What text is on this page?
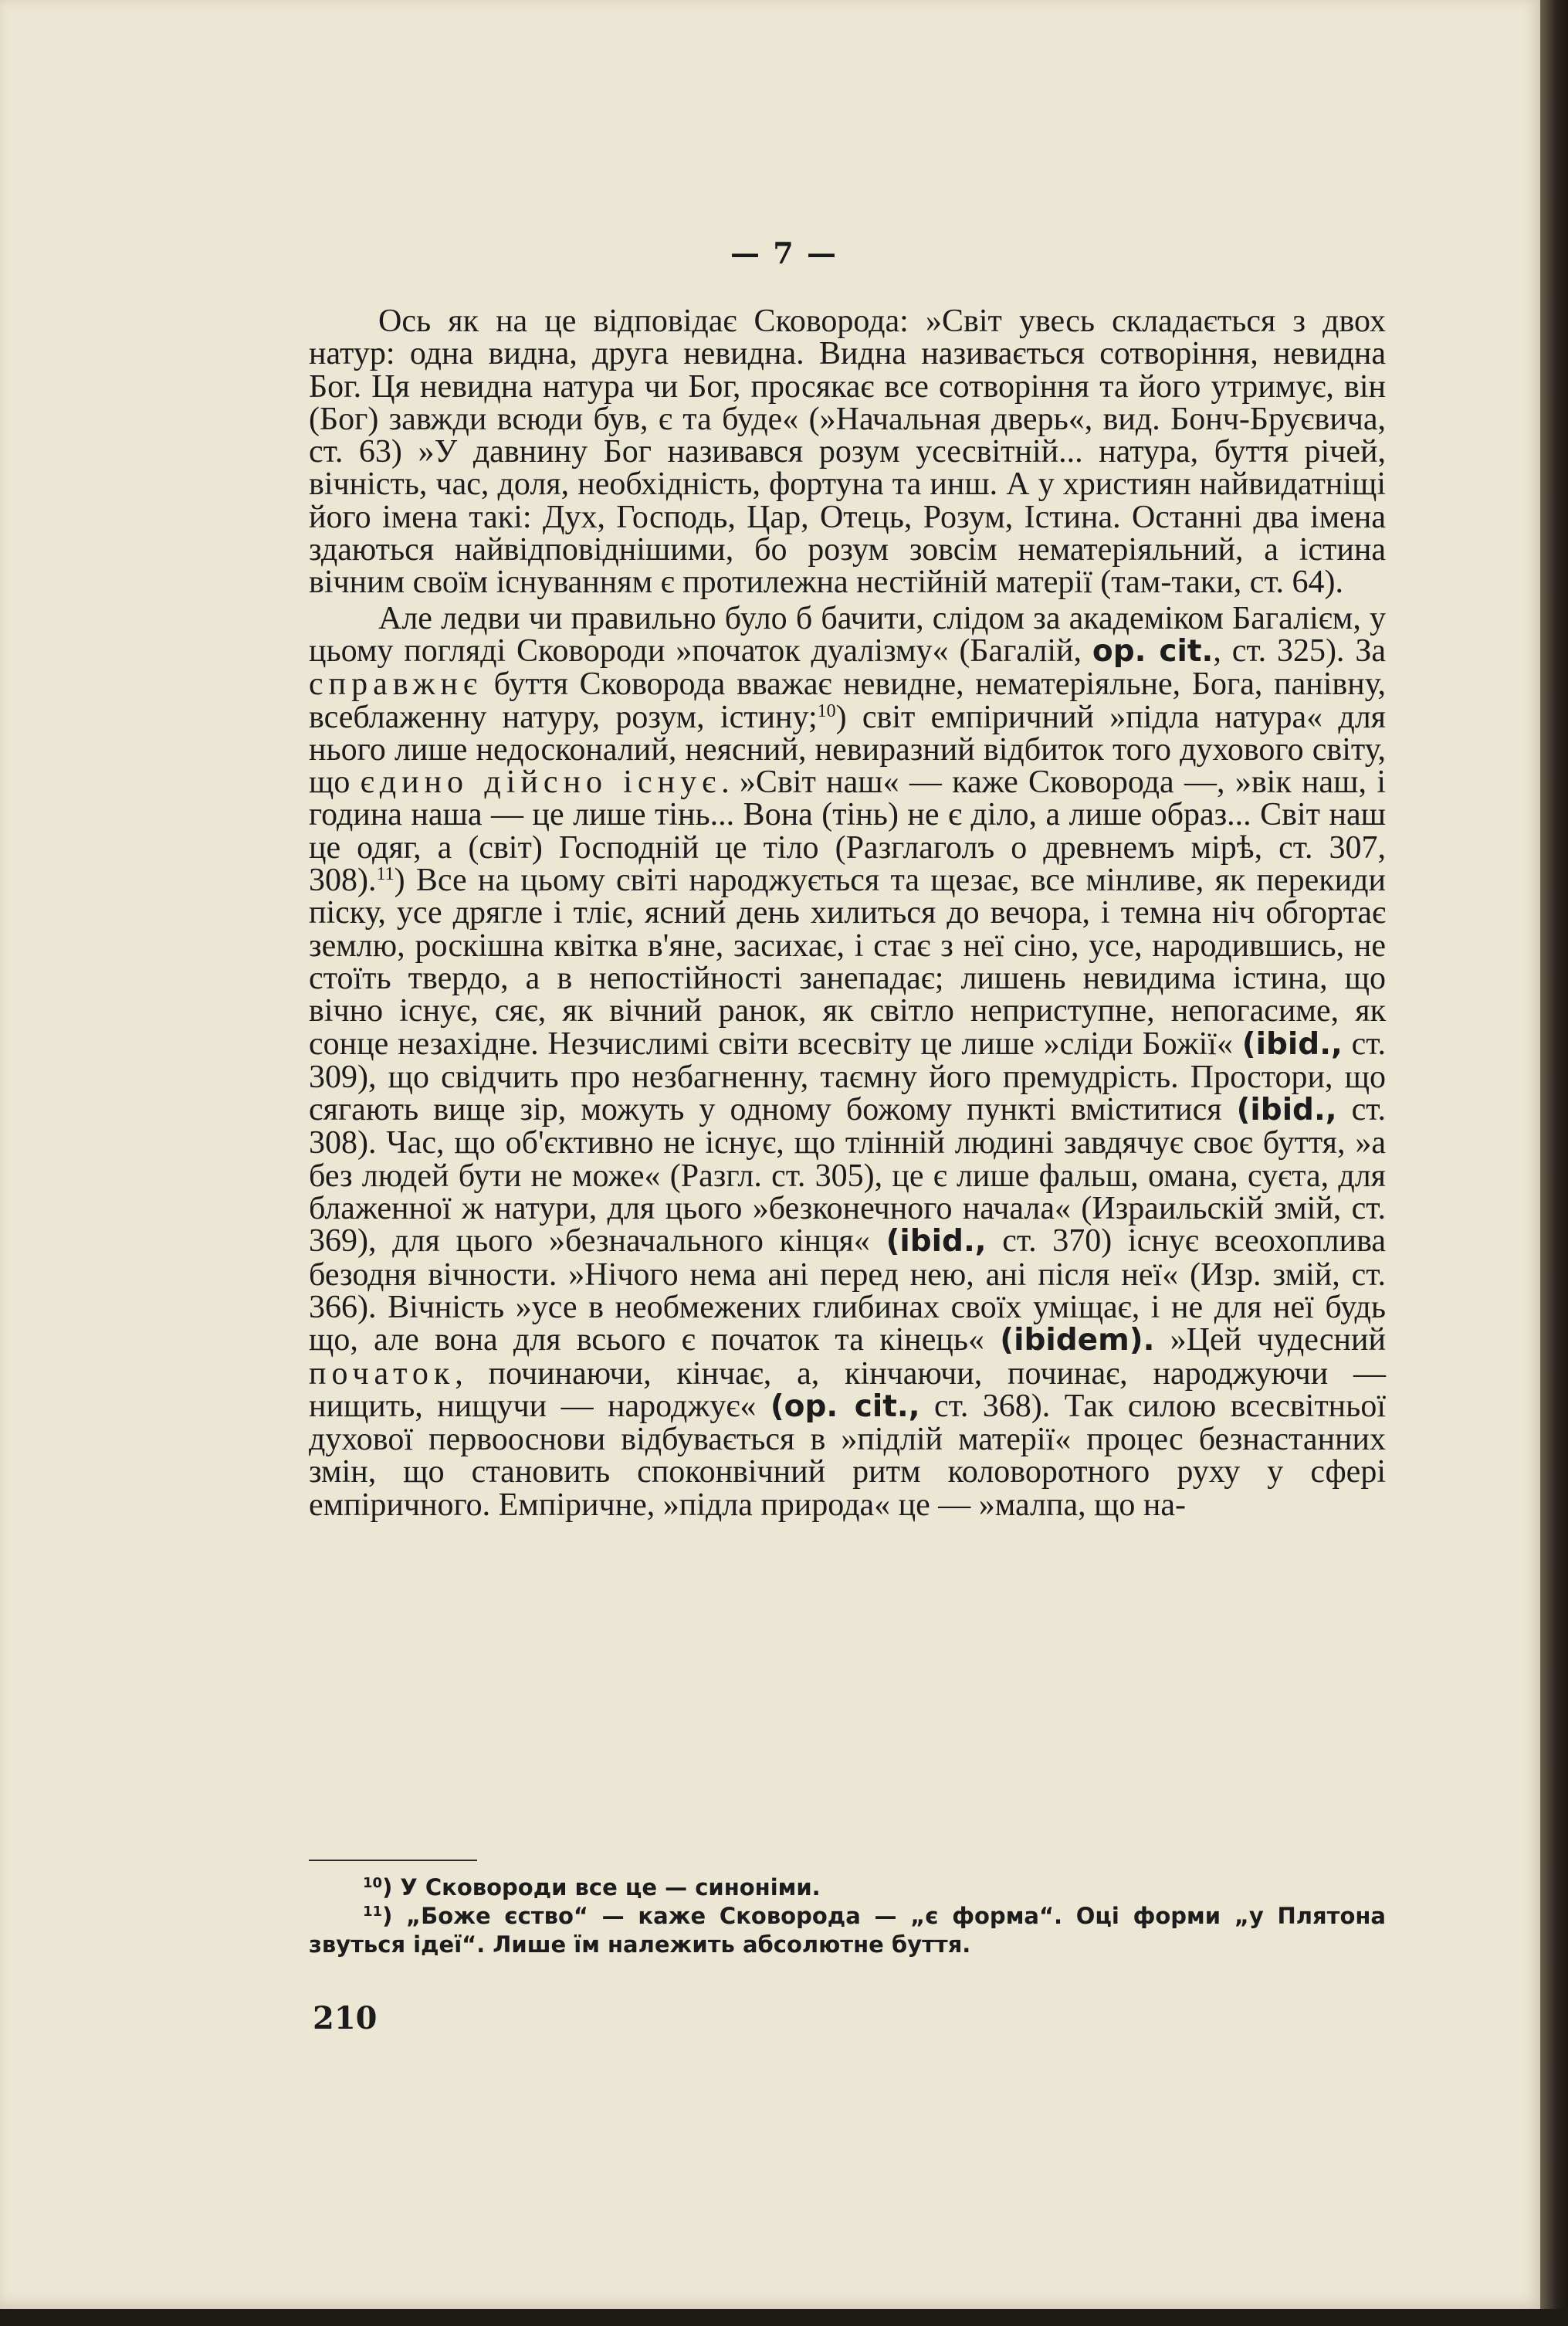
— 7 —

Ось як на це відповідає Сковорода: »Світ увесь складається з двох натур: одна видна, друга невидна. Видна називається сотворіння, невидна Бог. Ця невидна натура чи Бог, просякає все сотворіння та його утримує, він (Бог) завжди всюди був, є та буде« (»Начальная дверь«, вид. Бонч-Бруєвича, ст. 63) »У давнину Бог називався розум усесвітній... натура, буття річей, вічність, час, доля, необхідність, фортуна та инш. А у християн найвидатніщі його імена такі: Дух, Господь, Цар, Отець, Розум, Істина. Останні два імена здаються найвідповіднішими, бо розум зовсім нематеріяльний, а істина вічним своїм існуванням є протилежна нестійній матерії (там-таки, ст. 64).

Але ледви чи правильно було б бачити, слідом за академіком Багалієм, у цьому погляді Сковороди »початок дуалізму« (Багалій, op. cit., ст. 325). За справжнє буття Сковорода вважає невидне, нематеріяльне, Бога, панівну, всеблаженну натуру, розум, істину;$^{10}$) світ емпіричний »підла натура« для нього лише недосконалий, неясний, невиразний відбиток того духового світу, що єдино дійсно існує. »Світ наш« — каже Сковорода —, »вік наш, і година наша — це лише тінь... Вона (тінь) не є діло, а лише образ... Світ наш це одяг, а (світ) Господній це тіло (Разглаголъ о древнемъ мірѣ, ст. 307, 308).$^{11}$) Все на цьому світі народжується та щезає, все мінливе, як перекиди піску, усе дрягле і тліє, ясний день хилиться до вечора, і темна ніч обгортає землю, роскішна квітка в'яне, засихає, і стає з неї сіно, усе, народившись, не стоїть твердо, а в непостійності занепадає; лишень невидима істина, що вічно існує, сяє, як вічний ранок, як світло неприступне, непогасиме, як сонце незахідне. Незчислимі світи всесвіту це лише »сліди Божії« (ibid., ст. 309), що свідчить про незбагненну, таємну його премудрість. Простори, що сягають вище зір, можуть у одному божому пункті вміститися (ibid., ст. 308). Час, що об'єктивно не існує, що тлінній людині завдячує своє буття, »а без людей бути не може« (Разгл. ст. 305), це є лише фальш, омана, суєта, для блаженної ж натури, для цього »безконечного начала« (Израильскій змій, ст. 369), для цього »безначального кінця« (ibid., ст. 370) існує всеохоплива безодня вічности. »Нічого нема ані перед нею, ані після неї« (Изр. змій, ст. 366). Вічність »усе в необмежених глибинах своїх уміщає, і не для неї будь що, але вона для всього є початок та кінець« (ibidem). »Цей чудесний початок, починаючи, кінчає, а, кінчаючи, починає, народжуючи — нищить, нищучи — народжує« (op. cit., ст. 368). Так силою всесвітньої духової первооснови відбувається в »підлій матерії« процес безнастанних змін, що становить споконвічний ритм коловоротного руху у сфері емпіричного. Емпіричне, »підла природа« це — »малпа, що на-

$^{10}$) У Сковороди все це — синоніми.

$^{11}$) „Боже єство“ — каже Сковорода — „є форма“. Оці форми „у Плятона звуться ідеї“. Лише їм належить абсолютне буття.

210
